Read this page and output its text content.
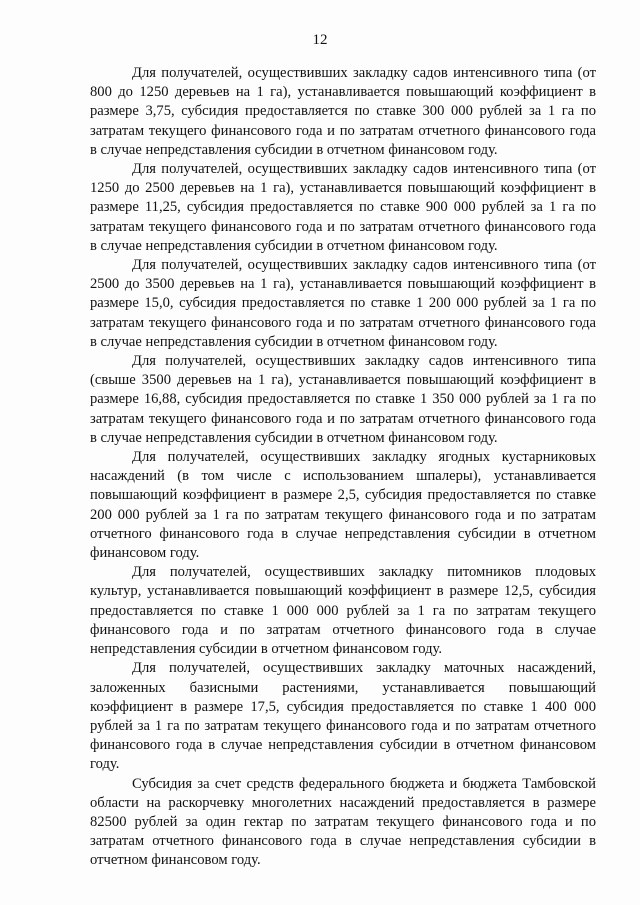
12

Для получателей, осуществивших закладку садов интенсивного типа (от 800 до 1250 деревьев на 1 га), устанавливается повышающий коэффициент в размере 3,75, субсидия предоставляется по ставке 300 000 рублей за 1 га по затратам текущего финансового года и по затратам отчетного финансового года в случае непредставления субсидии в отчетном финансовом году.

Для получателей, осуществивших закладку садов интенсивного типа (от 1250 до 2500 деревьев на 1 га), устанавливается повышающий коэффициент в размере 11,25, субсидия предоставляется по ставке 900 000 рублей за 1 га по затратам текущего финансового года и по затратам отчетного финансового года в случае непредставления субсидии в отчетном финансовом году.

Для получателей, осуществивших закладку садов интенсивного типа (от 2500 до 3500 деревьев на 1 га), устанавливается повышающий коэффициент в размере 15,0, субсидия предоставляется по ставке 1 200 000 рублей за 1 га по затратам текущего финансового года и по затратам отчетного финансового года в случае непредставления субсидии в отчетном финансовом году.

Для получателей, осуществивших закладку садов интенсивного типа (свыше 3500 деревьев на 1 га), устанавливается повышающий коэффициент в размере 16,88, субсидия предоставляется по ставке 1 350 000 рублей за 1 га по затратам текущего финансового года и по затратам отчетного финансового года в случае непредставления субсидии в отчетном финансовом году.

Для получателей, осуществивших закладку ягодных кустарниковых насаждений (в том числе с использованием шпалеры), устанавливается повышающий коэффициент в размере 2,5, субсидия предоставляется по ставке 200 000 рублей за 1 га по затратам текущего финансового года и по затратам отчетного финансового года в случае непредставления субсидии в отчетном финансовом году.

Для получателей, осуществивших закладку питомников плодовых культур, устанавливается повышающий коэффициент в размере 12,5, субсидия предоставляется по ставке 1 000 000 рублей за 1 га по затратам текущего финансового года и по затратам отчетного финансового года в случае непредставления субсидии в отчетном финансовом году.

Для получателей, осуществивших закладку маточных насаждений, заложенных базисными растениями, устанавливается повышающий коэффициент в размере 17,5, субсидия предоставляется по ставке 1 400 000 рублей за 1 га по затратам текущего финансового года и по затратам отчетного финансового года в случае непредставления субсидии в отчетном финансовом году.

Субсидия за счет средств федерального бюджета и бюджета Тамбовской области на раскорчевку многолетних насаждений предоставляется в размере 82500 рублей за один гектар по затратам текущего финансового года и по затратам отчетного финансового года в случае непредставления субсидии в отчетном финансовом году.
